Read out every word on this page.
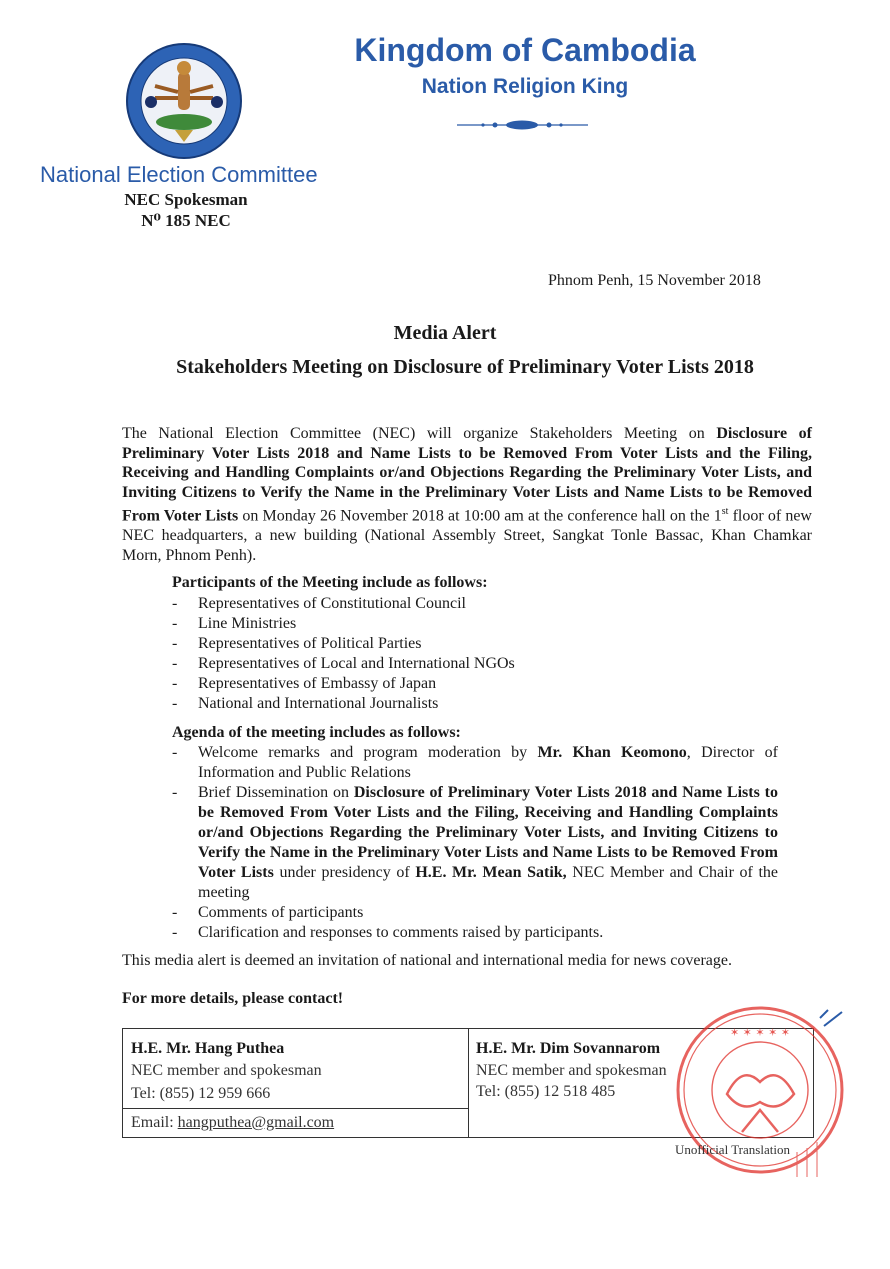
Kingdom of Cambodia
Nation Religion King
National Election Committee
NEC Spokesman
N⁰ 185 NEC
Phnom Penh, 15 November 2018
Media Alert
Stakeholders Meeting on Disclosure of Preliminary Voter Lists 2018
The National Election Committee (NEC) will organize Stakeholders Meeting on Disclosure of Preliminary Voter Lists 2018 and Name Lists to be Removed From Voter Lists and the Filing, Receiving and Handling Complaints or/and Objections Regarding the Preliminary Voter Lists, and Inviting Citizens to Verify the Name in the Preliminary Voter Lists and Name Lists to be Removed From Voter Lists on Monday 26 November 2018 at 10:00 am at the conference hall on the 1st floor of new NEC headquarters, a new building (National Assembly Street, Sangkat Tonle Bassac, Khan Chamkar Morn, Phnom Penh).
Participants of the Meeting include as follows:
- Representatives of Constitutional Council
- Line Ministries
- Representatives of Political Parties
- Representatives of Local and International NGOs
- Representatives of Embassy of Japan
- National and International Journalists
Agenda of the meeting includes as follows:
- Welcome remarks and program moderation by Mr. Khan Keomono, Director of Information and Public Relations
- Brief Dissemination on Disclosure of Preliminary Voter Lists 2018 and Name Lists to be Removed From Voter Lists and the Filing, Receiving and Handling Complaints or/and Objections Regarding the Preliminary Voter Lists, and Inviting Citizens to Verify the Name in the Preliminary Voter Lists and Name Lists to be Removed From Voter Lists under presidency of H.E. Mr. Mean Satik, NEC Member and Chair of the meeting
- Comments of participants
- Clarification and responses to comments raised by participants.
This media alert is deemed an invitation of national and international media for news coverage.
For more details, please contact!
H.E. Mr. Hang Puthea
NEC member and spokesman
Tel: (855) 12 959 666
Email: hangputhea@gmail.com
H.E. Mr. Dim Sovannarom
NEC member and spokesman
Tel: (855) 12 518 485
✶ ✶ ✶ ✶ ✶
Unofficial Translation
